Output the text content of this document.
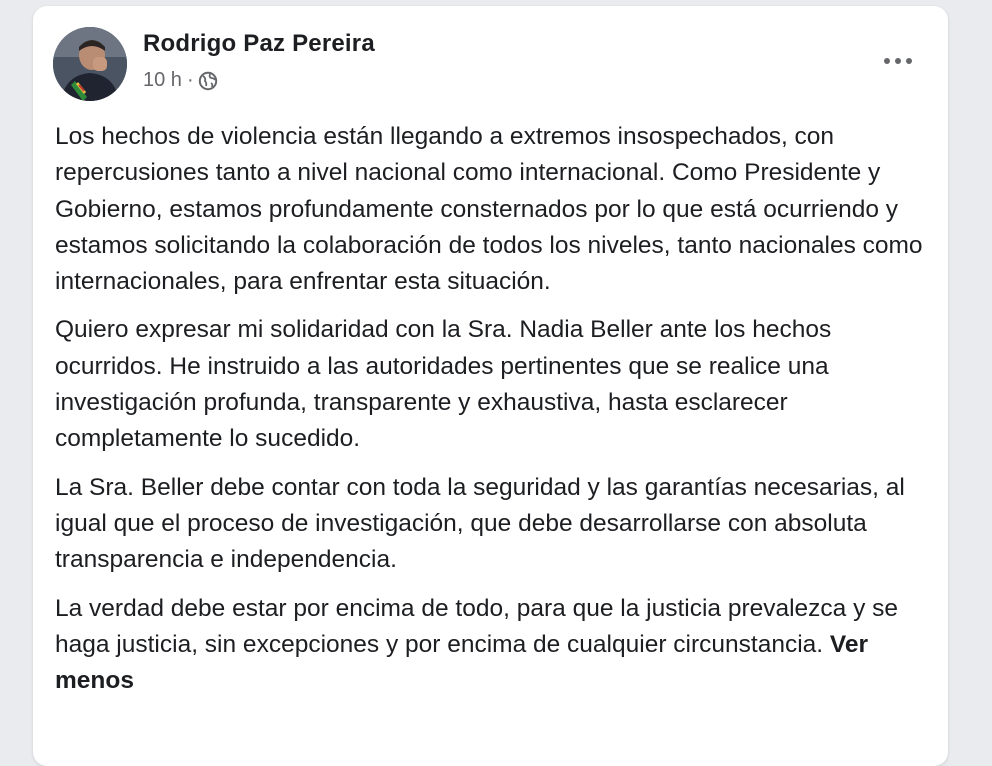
Rodrigo Paz Pereira
10 h ·

Los hechos de violencia están llegando a extremos insospechados, con repercusiones tanto a nivel nacional como internacional. Como Presidente y Gobierno, estamos profundamente consternados por lo que está ocurriendo y estamos solicitando la colaboración de todos los niveles, tanto nacionales como internacionales, para enfrentar esta situación.

Quiero expresar mi solidaridad con la Sra. Nadia Beller ante los hechos ocurridos. He instruido a las autoridades pertinentes que se realice una investigación profunda, transparente y exhaustiva, hasta esclarecer completamente lo sucedido.

La Sra. Beller debe contar con toda la seguridad y las garantías necesarias, al igual que el proceso de investigación, que debe desarrollarse con absoluta transparencia e independencia.

La verdad debe estar por encima de todo, para que la justicia prevalezca y se haga justicia, sin excepciones y por encima de cualquier circunstancia. Ver menos
